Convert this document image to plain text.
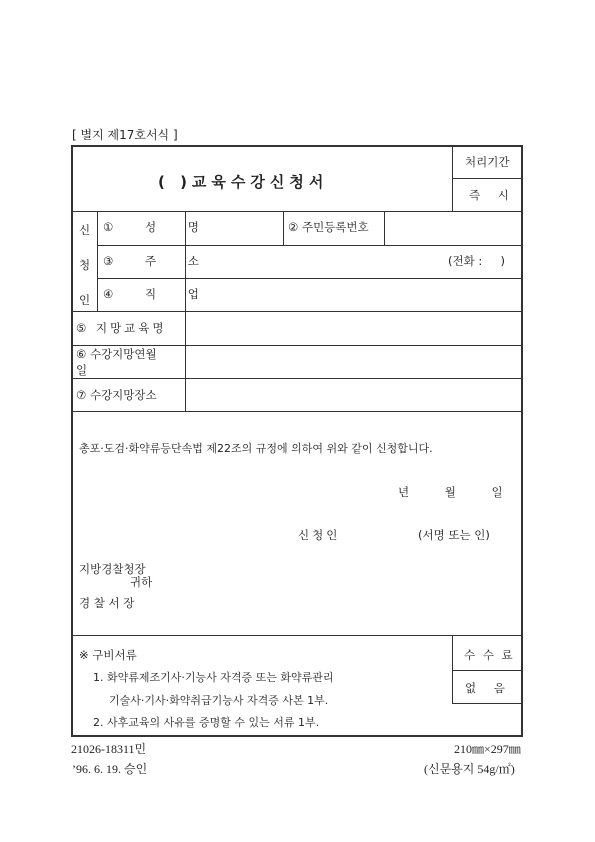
[ 별지 제17호서식 ]
( )교육수강신청서
처리기간
즉 시
신
청
인
① 성 명	② 주민등록번호
③ 주 소	(전화 :     )
④ 직 업
⑤ 지망교육명
⑥ 수강지망연월
일
⑦ 수강지망장소
총포·도검·화약류등단속법 제22조의 규정에 의하여 위와 같이 신청합니다.
년 월 일
신청인	(서명 또는 인)
지방경찰청장
귀하
경 찰 서 장
※ 구비서류
1. 화약류제조기사·기능사 자격증 또는 화약류관리
기술사·기사·화약취급기능사 자격증 사본 1부.
2. 사후교육의 사유를 증명할 수 있는 서류 1부.
수 수 료
없 음
21026-18311민	210㎜×297㎜
’96. 6. 19. 승인	(신문용지 54g/㎡)
